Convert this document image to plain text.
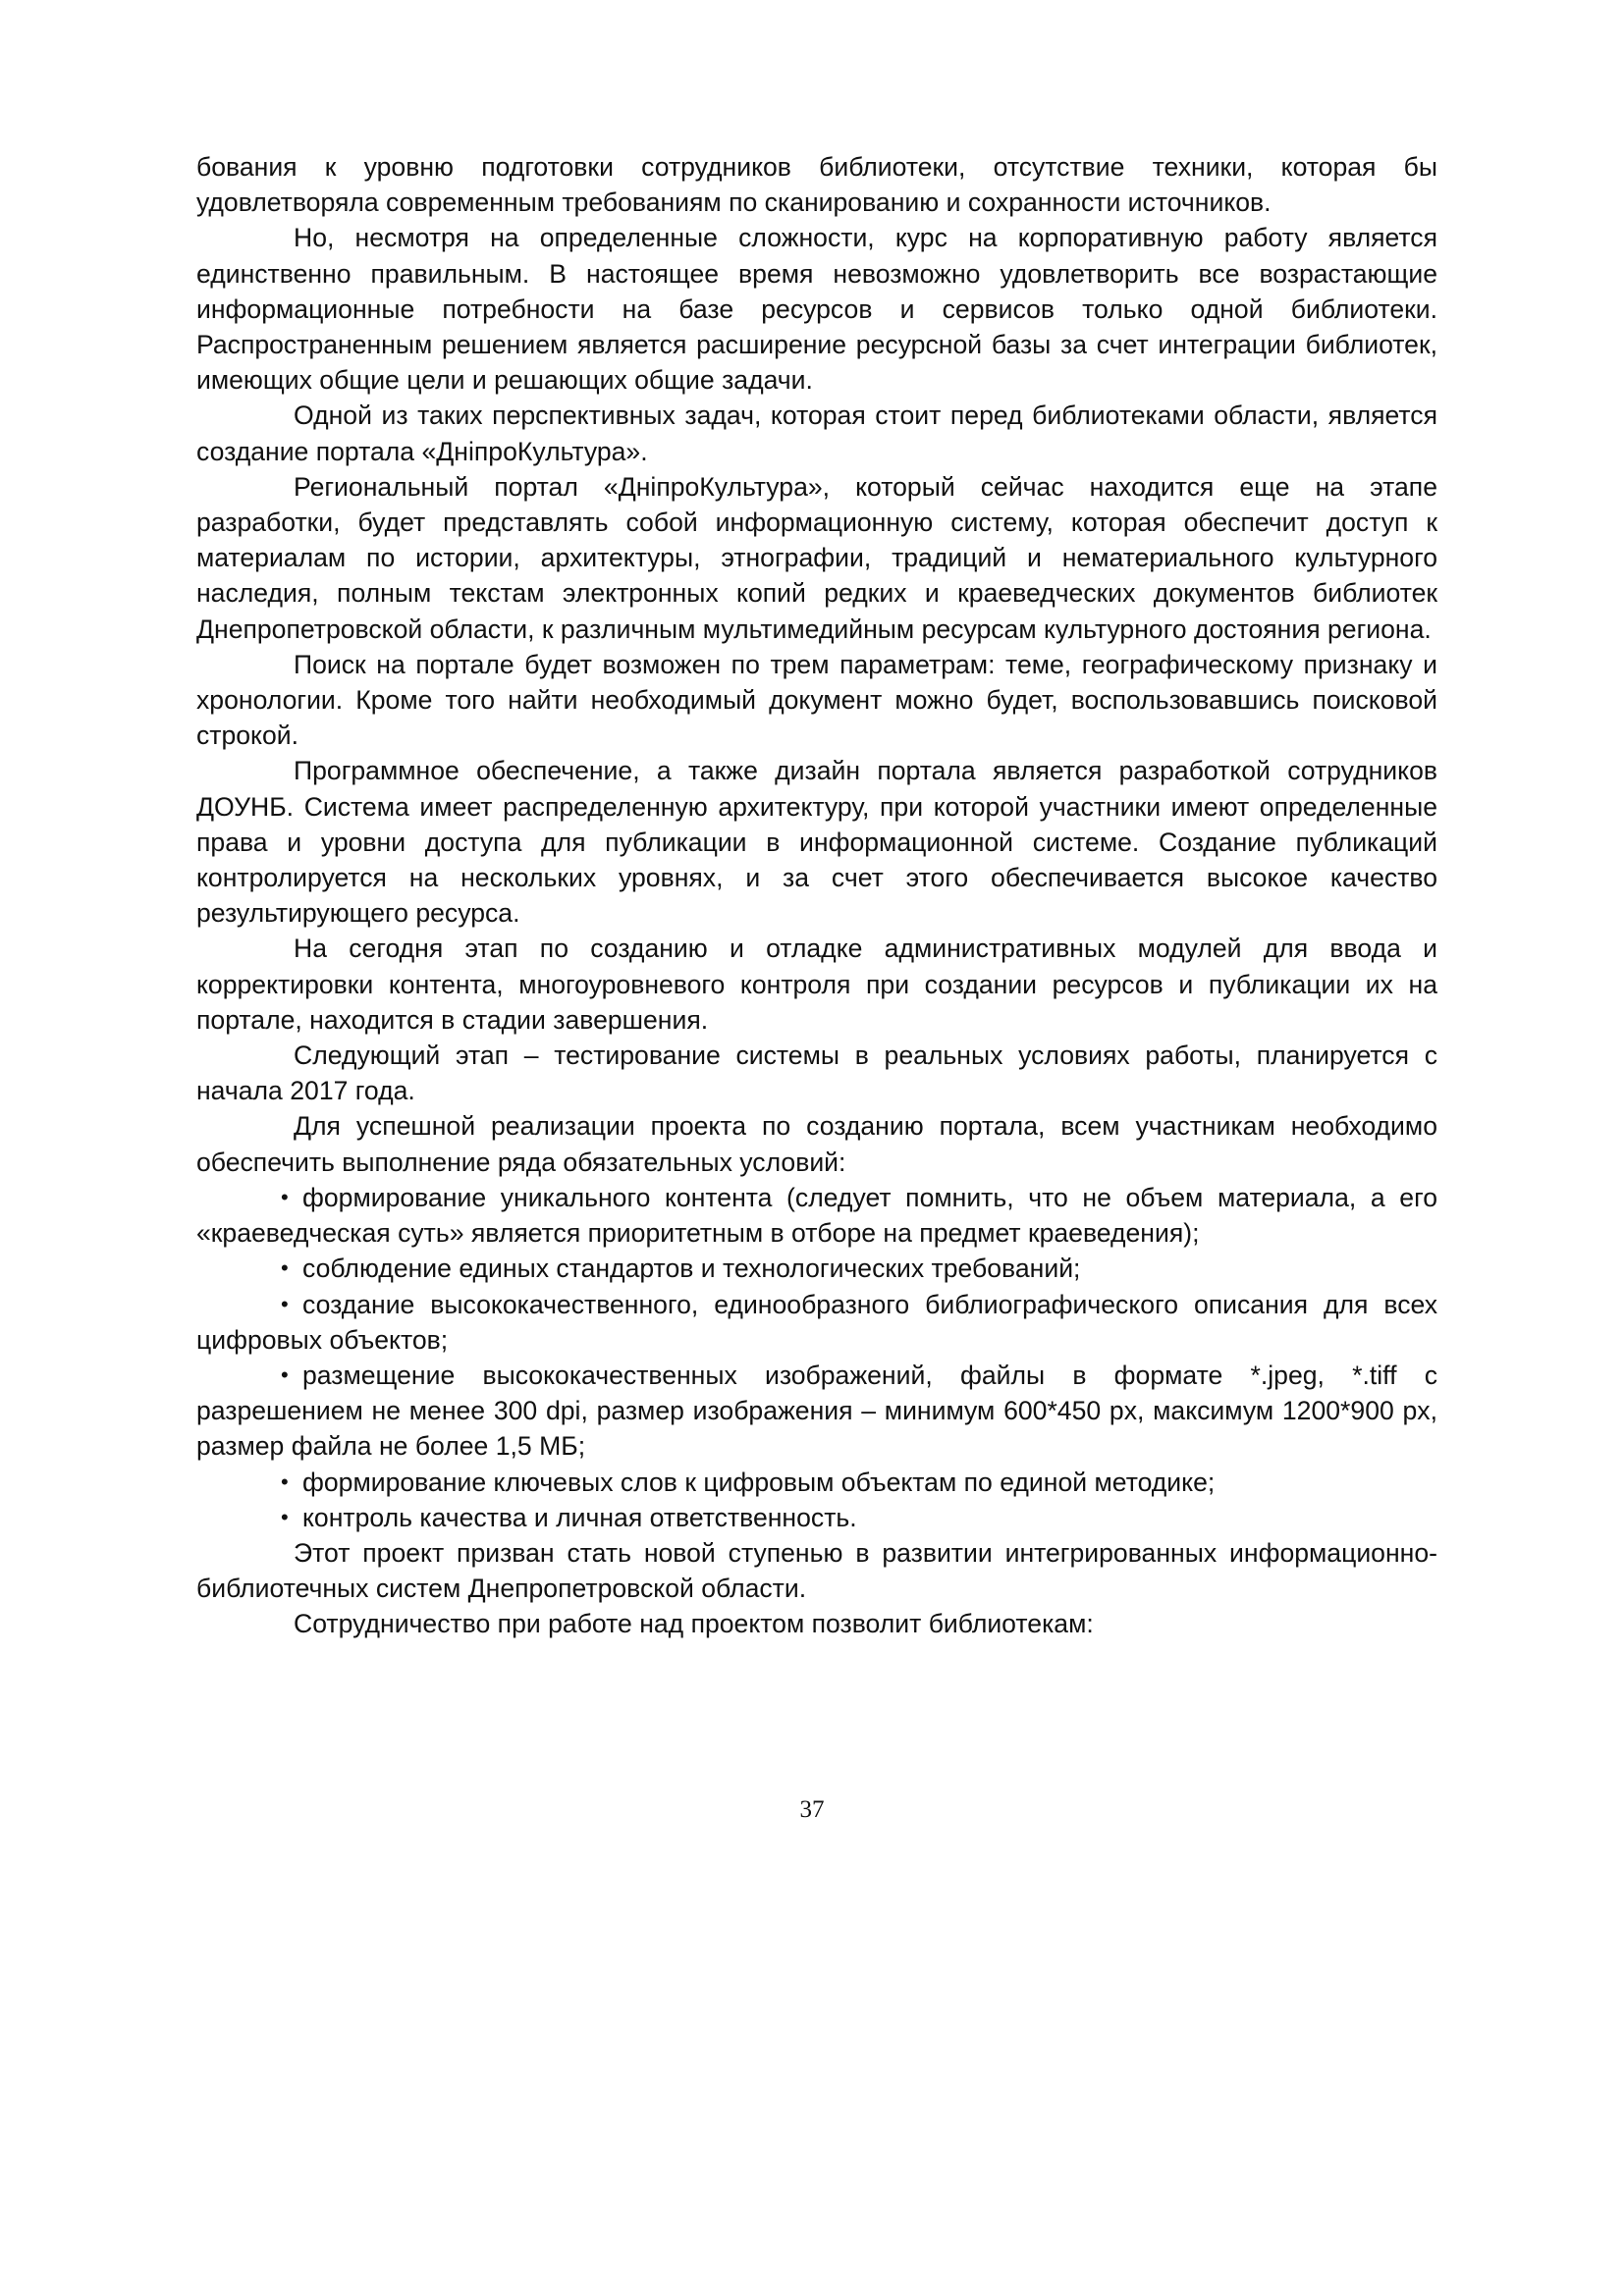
бования к уровню подготовки сотрудников библиотеки, отсутствие техники, которая бы удовлетворяла современным требованиям по сканированию и сохранности источников.

Но, несмотря на определенные сложности, курс на корпоративную работу является единственно правильным. В настоящее время невозможно удовлетворить все возрастающие информационные потребности на базе ресурсов и сервисов только одной библиотеки. Распространенным решением является расширение ресурсной базы за счет интеграции библиотек, имеющих общие цели и решающих общие задачи.

Одной из таких перспективных задач, которая стоит перед библиотеками области, является создание портала «ДніпроКультура».

Региональный портал «ДніпроКультура», который сейчас находится еще на этапе разработки, будет представлять собой информационную систему, которая обеспечит доступ к материалам по истории, архитектуры, этнографии, традиций и нематериального культурного наследия, полным текстам электронных копий редких и краеведческих документов библиотек Днепропетровской области, к различным мультимедийным ресурсам культурного достояния региона.

Поиск на портале будет возможен по трем параметрам: теме, географическому признаку и хронологии. Кроме того найти необходимый документ можно будет, воспользовавшись поисковой строкой.

Программное обеспечение, а также дизайн портала является разработкой сотрудников ДОУНБ. Система имеет распределенную архитектуру, при которой участники имеют определенные права и уровни доступа для публикации в информационной системе. Создание публикаций контролируется на нескольких уровнях, и за счет этого обеспечивается высокое качество результирующего ресурса.

На сегодня этап по созданию и отладке административных модулей для ввода и корректировки контента, многоуровневого контроля при создании ресурсов и публикации их на портале, находится в стадии завершения.

Следующий этап – тестирование системы в реальных условиях работы, планируется с начала 2017 года.

Для успешной реализации проекта по созданию портала, всем участникам необходимо обеспечить выполнение ряда обязательных условий:

• формирование уникального контента (следует помнить, что не объем материала, а его «краеведческая суть» является приоритетным в отборе на предмет краеведения);

• соблюдение единых стандартов и технологических требований;

• создание высококачественного, единообразного библиографического описания для всех цифровых объектов;

• размещение высококачественных изображений, файлы в формате *.jpeg, *.tiff с разрешением не менее 300 dpi, размер изображения – минимум 600*450 px, максимум 1200*900 px, размер файла не более 1,5 МБ;

• формирование ключевых слов к цифровым объектам по единой методике;

• контроль качества и личная ответственность.

Этот проект призван стать новой ступенью в развитии интегрированных информационно-библиотечных систем Днепропетровской области.

Сотрудничество при работе над проектом позволит библиотекам:

37
